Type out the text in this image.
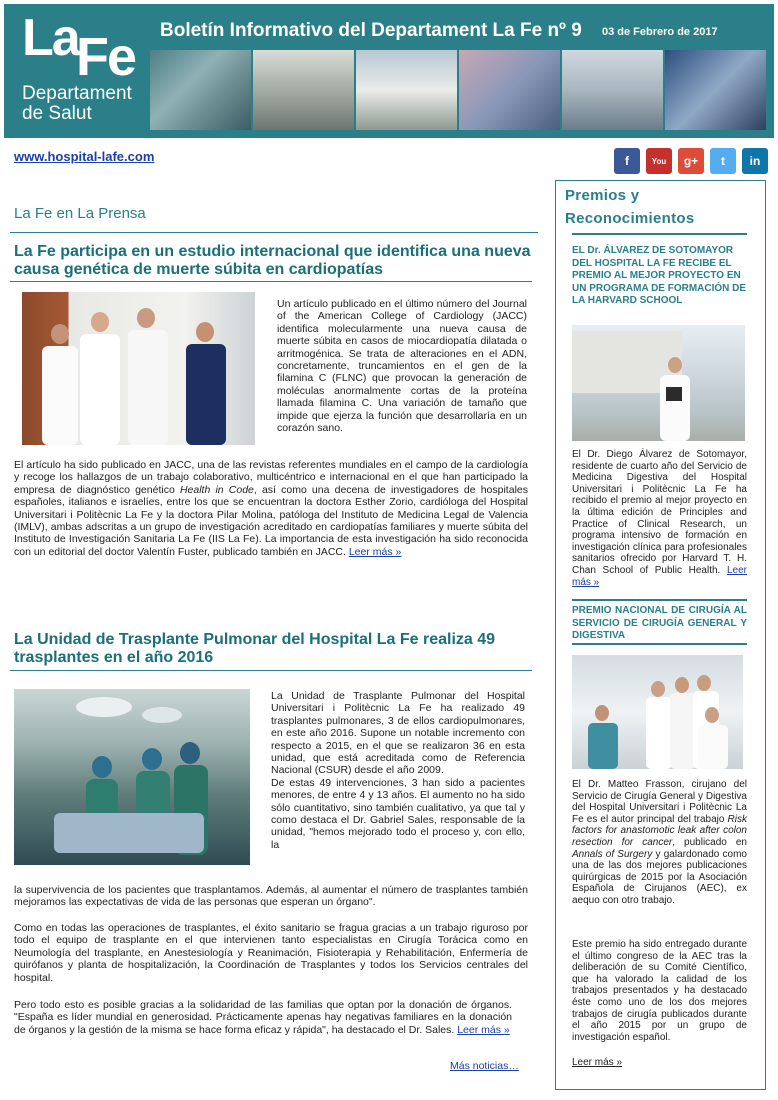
La
Fe
Departament
de Salut
Boletín Informativo del Departament La Fe nº 9 03 de Febrero de 2017
www.hospital-lafe.com	f	You	g+	t	in
La Fe en La Prensa
La Fe participa en un estudio internacional que identifica una nueva causa genética de muerte súbita en cardiopatías
Un artículo publicado en el último número del Journal of the American College of Cardiology (JACC) identifica molecularmente una nueva causa de muerte súbita en casos de miocardiopatía dilatada o arritmogénica. Se trata de alteraciones en el ADN, concretamente, truncamientos en el gen de la filamina C (FLNC) que provocan la generación de moléculas anormalmente cortas de la proteína llamada filamina C. Una variación de tamaño que impide que ejerza la función que desarrollaría en un corazón sano.
El artículo ha sido publicado en JACC, una de las revistas referentes mundiales en el campo de la cardiología y recoge los hallazgos de un trabajo colaborativo, multicéntrico e internacional en el que han participado la empresa de diagnóstico genético Health in Code, así como una decena de investigadores de hospitales españoles, italianos e israelíes, entre los que se encuentran la doctora Esther Zorio, cardióloga del Hospital Universitari i Politècnic La Fe y la doctora Pilar Molina, patóloga del Instituto de Medicina Legal de Valencia (IMLV), ambas adscritas a un grupo de investigación acreditado en cardiopatías familiares y muerte súbita del Instituto de Investigación Sanitaria La Fe (IIS La Fe). La importancia de esta investigación ha sido reconocida con un editorial del doctor Valentín Fuster, publicado también en JACC. Leer más »
La Unidad de Trasplante Pulmonar del Hospital La Fe realiza 49 trasplantes en el año 2016
La Unidad de Trasplante Pulmonar del Hospital Universitari i Politècnic La Fe ha realizado 49 trasplantes pulmonares, 3 de ellos cardiopulmonares, en este año 2016. Supone un notable incremento con respecto a 2015, en el que se realizaron 36 en esta unidad, que está acreditada como de Referencia Nacional (CSUR) desde el año 2009.
De estas 49 intervenciones, 3 han sido a pacientes menores, de entre 4 y 13 años. El aumento no ha sido sólo cuantitativo, sino también cualitativo, ya que tal y como destaca el Dr. Gabriel Sales, responsable de la unidad, "hemos mejorado todo el proceso y, con ello, la
la supervivencia de los pacientes que trasplantamos. Además, al aumentar el número de trasplantes también mejoramos las expectativas de vida de las personas que esperan un órgano".
Como en todas las operaciones de trasplantes, el éxito sanitario se fragua gracias a un trabajo riguroso por todo el equipo de trasplante en el que intervienen tanto especialistas en Cirugía Torácica como en Neumología del trasplante, en Anestesiología y Reanimación, Fisioterapia y Rehabilitación, Enfermería de quirófanos y planta de hospitalización, la Coordinación de Trasplantes y todos los Servicios centrales del hospital.
Pero todo esto es posible gracias a la solidaridad de las familias que optan por la donación de órganos. "España es líder mundial en generosidad. Prácticamente apenas hay negativas familiares en la donación de órganos y la gestión de la misma se hace forma eficaz y rápida", ha destacado el Dr. Sales. Leer más »
Más noticias…
Premios y
Reconocimientos
EL Dr. ÁLVAREZ DE SOTOMAYOR DEL HOSPITAL LA FE RECIBE EL PREMIO AL MEJOR PROYECTO EN UN PROGRAMA DE FORMACIÓN DE LA HARVARD SCHOOL
El Dr. Diego Álvarez de Sotomayor, residente de cuarto año del Servicio de Medicina Digestiva del Hospital Universitari i Politècnic La Fe ha recibido el premio al mejor proyecto en la última edición de Principles and Practice of Clinical Research, un programa intensivo de formación en investigación clínica para profesionales sanitarios ofrecido por Harvard T. H. Chan School of Public Health. Leer más »
PREMIO NACIONAL DE CIRUGÍA AL SERVICIO DE CIRUGÍA GENERAL Y DIGESTIVA
El Dr. Matteo Frasson, cirujano del Servicio de Cirugía General y Digestiva del Hospital Universitari i Politècnic La Fe es el autor principal del trabajo Risk factors for anastomotic leak after colon resection for cancer, publicado en Annals of Surgery y galardonado como una de las dos mejores publicaciones quirúrgicas de 2015 por la Asociación Española de Cirujanos (AEC), ex aequo con otro trabajo.
Este premio ha sido entregado durante el último congreso de la AEC tras la deliberación de su Comité Científico, que ha valorado la calidad de los trabajos presentados y ha destacado éste como uno de los dos mejores trabajos de cirugía publicados durante el año 2015 por un grupo de investigación español.
Leer más »
